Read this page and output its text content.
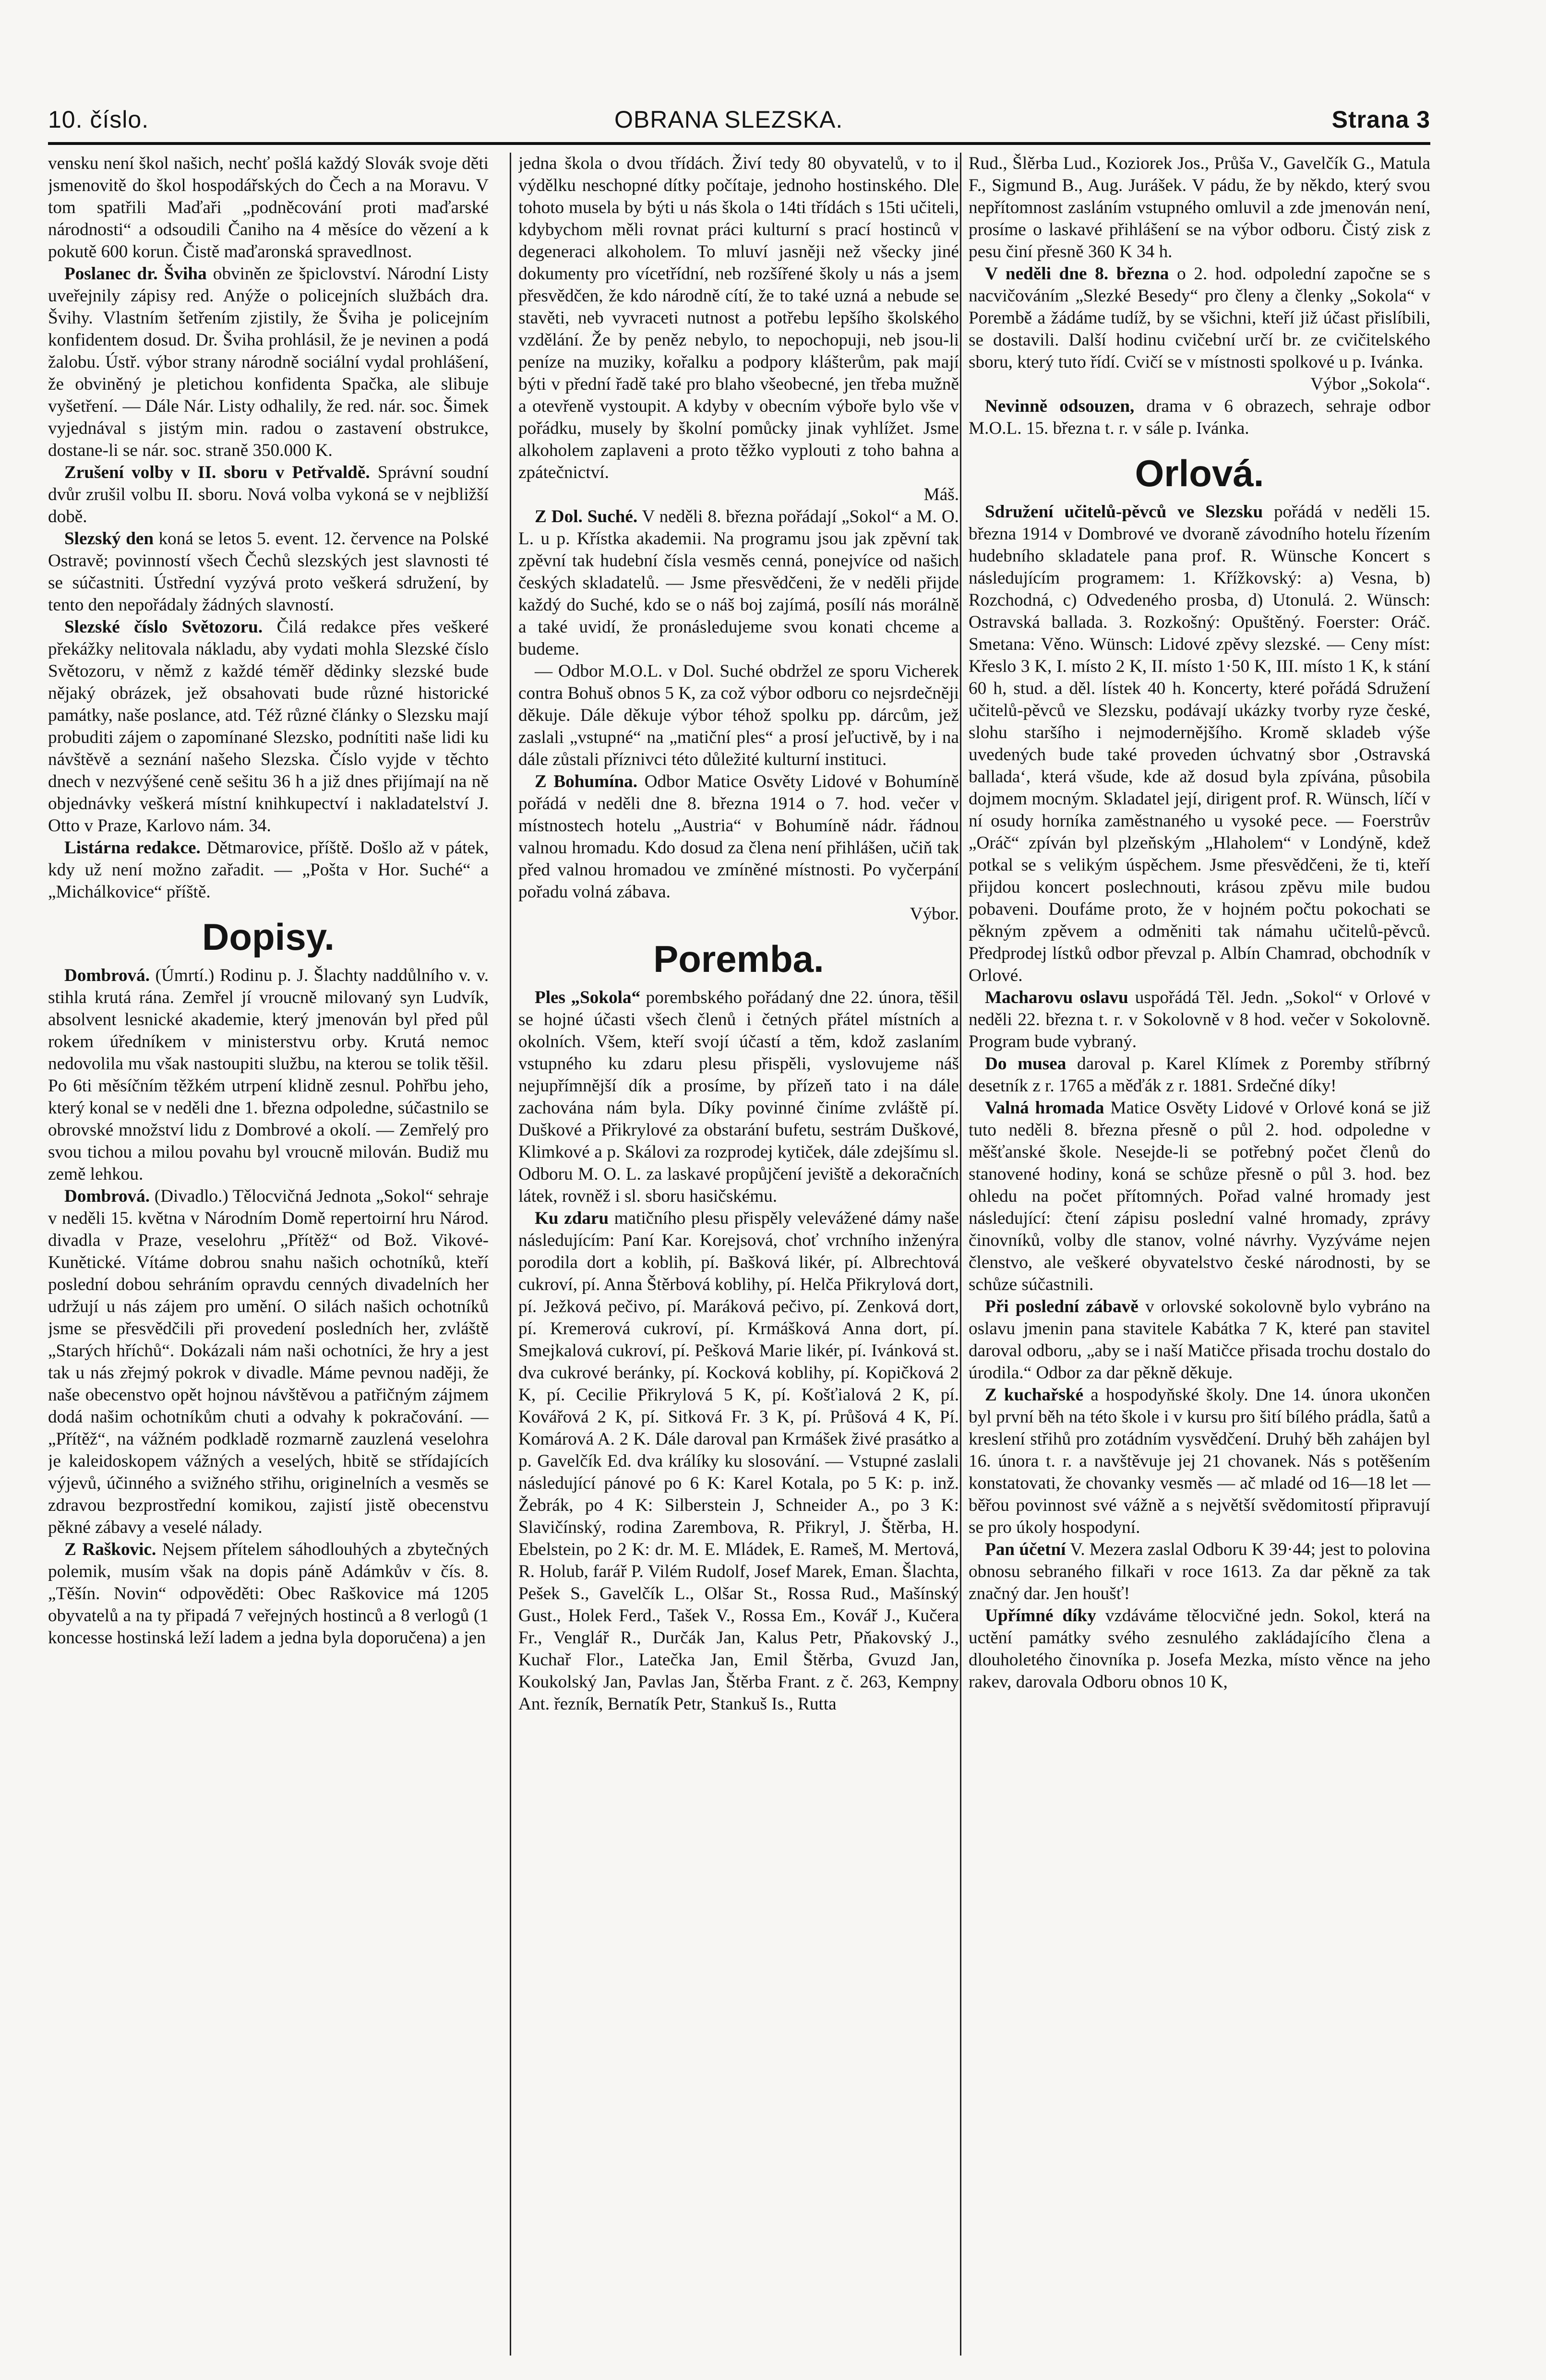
10. číslo.	OBRANA SLEZSKA.	Strana 3

vensku není škol našich, nechť pošlá každý Slovák svoje děti jsmenovitě do škol hospodářských do Čech a na Moravu. V tom spatřili Maďaři „podněcování proti maďarské národnosti“ a odsoudili Čaniho na 4 měsíce do vězení a k pokutě 600 korun. Čistě maďaronská spravedlnost.

Poslanec dr. Šviha obviněn ze špiclovství. Národní Listy uveřejnily zápisy red. Anýže o policejních službách dra. Švihy. Vlastním šetřením zjistily, že Šviha je policejním konfidentem dosud. Dr. Šviha prohlásil, že je nevinen a podá žalobu. Ústř. výbor strany národně sociální vydal prohlášení, že obviněný je pletichou konfidenta Spačka, ale slibuje vyšetření. — Dále Nár. Listy odhalily, že red. nár. soc. Šimek vyjednával s jistým min. radou o zastavení obstrukce, dostane-li se nár. soc. straně 350.000 K.

Zrušení volby v II. sboru v Petřvaldě. Správní soudní dvůr zrušil volbu II. sboru. Nová volba vykoná se v nejbližší době.

Slezský den koná se letos 5. event. 12. července na Polské Ostravě; povinností všech Čechů slezských jest slavnosti té se súčastniti. Ústřední vyzývá proto veškerá sdružení, by tento den nepořádaly žádných slavností.

Slezské číslo Světozoru. Čilá redakce přes veškeré překážky nelitovala nákladu, aby vydati mohla Slezské číslo Světozoru, v němž z každé téměř dědinky slezské bude nějaký obrázek, jež obsahovati bude různé historické památky, naše poslance, atd. Též různé články o Slezsku mají probuditi zájem o zapomínané Slezsko, podnítiti naše lidi ku návštěvě a seznání našeho Slezska. Číslo vyjde v těchto dnech v nezvýšené ceně sešitu 36 h a již dnes přijímají na ně objednávky veškerá místní knihkupectví i nakladatelství J. Otto v Praze, Karlovo nám. 34.

Listárna redakce. Dětmarovice, příště. Došlo až v pátek, kdy už není možno zařadit. — „Pošta v Hor. Suché“ a „Michálkovice“ příště.

Dopisy.

Dombrová. (Úmrtí.) Rodinu p. J. Šlachty naddůlního v. v. stihla krutá rána. Zemřel jí vroucně milovaný syn Ludvík, absolvent lesnické akademie, který jmenován byl před půl rokem úředníkem v ministerstvu orby. Krutá nemoc nedovolila mu však nastoupiti službu, na kterou se tolik těšil. Po 6ti měsíčním těžkém utrpení klidně zesnul. Pohřbu jeho, který konal se v neděli dne 1. března odpoledne, súčastnilo se obrovské množství lidu z Dombrové a okolí. — Zemřelý pro svou tichou a milou povahu byl vroucně milován. Budiž mu země lehkou.

Dombrová. (Divadlo.) Tělocvičná Jednota „Sokol“ sehraje v neděli 15. května v Národním Domě repertoirní hru Národ. divadla v Praze, veselohru „Přítěž“ od Bož. Vikové-Kunětické. Vítáme dobrou snahu našich ochotníků, kteří poslední dobou sehráním opravdu cenných divadelních her udržují u nás zájem pro umění. O silách našich ochotníků jsme se přesvědčili při provedení posledních her, zvláště „Starých hříchů“. Dokázali nám naši ochotníci, že hry a jest tak u nás zřejmý pokrok v divadle. Máme pevnou naději, že naše obecenstvo opět hojnou návštěvou a patřičným zájmem dodá našim ochotníkům chuti a odvahy k pokračování. — „Přítěž“, na vážném podkladě rozmarně zauzlená veselohra je kaleidoskopem vážných a veselých, hbitě se střídajících výjevů, účinného a svižného střihu, originelních a vesměs se zdravou bezprostřední komikou, zajistí jistě obecenstvu pěkné zábavy a veselé nálady.

Z Raškovic. Nejsem přítelem sáhodlouhých a zbytečných polemik, musím však na dopis páně Adámkův v čís. 8. „Těšín. Novin“ odpověděti: Obec Raškovice má 1205 obyvatelů a na ty připadá 7 veřejných hostinců a 8 verlogů (1 koncesse hostinská leží ladem a jedna byla doporučena) a jen

jedna škola o dvou třídách. Živí tedy 80 obyvatelů, v to i výdělku neschopné dítky počítaje, jednoho hostinského. Dle tohoto musela by býti u nás škola o 14ti třídách s 15ti učiteli, kdybychom měli rovnat práci kulturní s prací hostinců v degeneraci alkoholem. To mluví jasněji než všecky jiné dokumenty pro vícetřídní, neb rozšířené školy u nás a jsem přesvědčen, že kdo národně cítí, že to také uzná a nebude se stavěti, neb vyvraceti nutnost a potřebu lepšího školského vzdělání. Že by peněz nebylo, to nepochopuji, neb jsou-li peníze na muziky, kořalku a podpory klášterům, pak mají býti v přední řadě také pro blaho všeobecné, jen třeba mužně a otevřeně vystoupit. A kdyby v obecním výboře bylo vše v pořádku, musely by školní pomůcky jinak vyhlížet. Jsme alkoholem zaplaveni a proto těžko vyplouti z toho bahna a zpátečnictví.

Máš.

Z Dol. Suché. V neděli 8. března pořádají „Sokol“ a M. O. L. u p. Křístka akademii. Na programu jsou jak zpěvní tak zpěvní tak hudební čísla vesměs cenná, ponejvíce od našich českých skladatelů. — Jsme přesvědčeni, že v neděli přijde každý do Suché, kdo se o náš boj zajímá, posílí nás morálně a také uvidí, že pronásledujeme svou konati chceme a budeme.

— Odbor M.O.L. v Dol. Suché obdržel ze sporu Vicherek contra Bohuš obnos 5 K, za což výbor odboru co nejsrdečněji děkuje. Dále děkuje výbor téhož spolku pp. dárcům, jež zaslali „vstupné“ na „matiční ples“ a prosí jeľuctivě, by i na dále zůstali příznivci této důležité kulturní instituci.

Z Bohumína. Odbor Matice Osvěty Lidové v Bohumíně pořádá v neděli dne 8. března 1914 o 7. hod. večer v místnostech hotelu „Austria“ v Bohumíně nádr. řádnou valnou hromadu. Kdo dosud za člena není přihlášen, učiň tak před valnou hromadou ve zmíněné místnosti. Po vyčerpání pořadu volná zábava.

Výbor.
Poremba.

Ples „Sokola“ porembského pořádaný dne 22. února, těšil se hojné účasti všech členů i četných přátel místních a okolních. Všem, kteří svojí účastí a těm, kdož zaslaním vstupného ku zdaru plesu přispěli, vyslovujeme náš nejupřímnější dík a prosíme, by přízeň tato i na dále zachována nám byla. Díky povinné činíme zvláště pí. Duškové a Přikrylové za obstarání bufetu, sestrám Duškové, Klimkové a p. Skálovi za rozprodej kytiček, dále zdejšímu sl. Odboru M. O. L. za laskavé propůjčení jeviště a dekoračních látek, rovněž i sl. sboru hasičskému.

Ku zdaru matičního plesu přispěly velevážené dámy naše následujícím: Paní Kar. Korejsová, choť vrchního inženýra porodila dort a koblih, pí. Bašková likér, pí. Albrechtová cukroví, pí. Anna Štěrbová koblihy, pí. Helča Přikrylová dort, pí. Ježková pečivo, pí. Maráková pečivo, pí. Zenková dort, pí. Kremerová cukroví, pí. Krmášková Anna dort, pí. Smejkalová cukroví, pí. Pešková Marie likér, pí. Ivánková st. dva cukrové beránky, pí. Kocková koblihy, pí. Kopičková 2 K, pí. Cecilie Přikrylová 5 K, pí. Košťialová 2 K, pí. Kovářová 2 K, pí. Sitková Fr. 3 K, pí. Průšová 4 K, Pí. Komárová A. 2 K. Dále daroval pan Krmášek živé prasátko a p. Gavelčík Ed. dva králíky ku slosování. — Vstupné zaslali následující pánové po 6 K: Karel Kotala, po 5 K: p. inž. Žebrák, po 4 K: Silberstein J, Schneider A., po 3 K: Slavičínský, rodina Zarembova, R. Přikryl, J. Štěrba, H. Ebelstein, po 2 K: dr. M. E. Mládek, E. Rameš, M. Mertová, R. Holub, farář P. Vilém Rudolf, Josef Marek, Eman. Šlachta, Pešek S., Gavelčík L., Olšar St., Rossa Rud., Mašínský Gust., Holek Ferd., Tašek V., Rossa Em., Kovář J., Kučera Fr., Venglář R., Durčák Jan, Kalus Petr, Pňakovský J., Kuchař Flor., Latečka Jan, Emil Štěrba, Gvuzd Jan, Koukolský Jan, Pavlas Jan, Štěrba Frant. z č. 263, Kempny Ant. řezník, Bernatík Petr, Stankuš Is., Rutta

Rud., Šlěrba Lud., Koziorek Jos., Průša V., Gavelčík G., Matula F., Sigmund B., Aug. Jurášek. V pádu, že by někdo, který svou nepřítomnost zasláním vstupného omluvil a zde jmenován není, prosíme o laskavé přihlášení se na výbor odboru. Čistý zisk z pesu činí přesně 360 K 34 h.

V neděli dne 8. března o 2. hod. odpolední započne se s nacvičováním „Slezké Besedy“ pro členy a členky „Sokola“ v Porembě a žádáme tudíž, by se všichni, kteří již účast přislíbili, se dostavili. Další hodinu cvičební určí br. ze cvičitelského sboru, který tuto řídí. Cvičí se v místnosti spolkové u p. Ivánka.

Výbor „Sokola“.

Nevinně odsouzen, drama v 6 obrazech, sehraje odbor M.O.L. 15. března t. r. v sále p. Ivánka.

Orlová.

Sdružení učitelů-pěvců ve Slezsku pořádá v neděli 15. března 1914 v Dombrové ve dvoraně závodního hotelu řízením hudebního skladatele pana prof. R. Wünsche Koncert s následujícím programem: 1. Křížkovský: a) Vesna, b) Rozchodná, c) Odvedeného prosba, d) Utonulá. 2. Wünsch: Ostravská ballada. 3. Rozkošný: Opuštěný. Foerster: Oráč. Smetana: Věno. Wünsch: Lidové zpěvy slezské. — Ceny míst: Křeslo 3 K, I. místo 2 K, II. místo 1·50 K, III. místo 1 K, k stání 60 h, stud. a děl. lístek 40 h. Koncerty, které pořádá Sdružení učitelů-pěvců ve Slezsku, podávají ukázky tvorby ryze české, slohu staršího i nejmodernějšího. Kromě skladeb výše uvedených bude také proveden úchvatný sbor ‚Ostravská ballada‘, která všude, kde až dosud byla zpívána, působila dojmem mocným. Skladatel její, dirigent prof. R. Wünsch, líčí v ní osudy horníka zaměstnaného u vysoké pece. — Foerstrův „Oráč“ zpíván byl plzeňským „Hlaholem“ v Londýně, kdež potkal se s velikým úspěchem. Jsme přesvědčeni, že ti, kteří přijdou koncert poslechnouti, krásou zpěvu mile budou pobaveni. Doufáme proto, že v hojném počtu pokochati se pěkným zpěvem a odměniti tak námahu učitelů-pěvců. Předprodej lístků odbor převzal p. Albín Chamrad, obchodník v Orlové.

Macharovu oslavu uspořádá Těl. Jedn. „Sokol“ v Orlové v neděli 22. března t. r. v Sokolovně v 8 hod. večer v Sokolovně. Program bude vybraný.

Do musea daroval p. Karel Klímek z Poremby stříbrný desetník z r. 1765 a měďák z r. 1881. Srdečné díky!

Valná hromada Matice Osvěty Lidové v Orlové koná se již tuto neděli 8. března přesně o půl 2. hod. odpoledne v měšťanské škole. Nesejde-li se potřebný počet členů do stanovené hodiny, koná se schůze přesně o půl 3. hod. bez ohledu na počet přítomných. Pořad valné hromady jest následující: čtení zápisu poslední valné hromady, zprávy činovníků, volby dle stanov, volné návrhy. Vyzýváme nejen členstvo, ale veškeré obyvatelstvo české národnosti, by se schůze súčastnili.

Při poslední zábavě v orlovské sokolovně bylo vybráno na oslavu jmenin pana stavitele Kabátka 7 K, které pan stavitel daroval odboru, „aby se i naší Matičce přisada trochu dostalo do úrodila.“ Odbor za dar pěkně děkuje.

Z kuchařské a hospodyňské školy. Dne 14. února ukončen byl první běh na této škole i v kursu pro šití bílého prádla, šatů a kreslení střihů pro zotádním vysvědčení. Druhý běh zahájen byl 16. února t. r. a navštěvuje jej 21 chovanek. Nás s potěšením konstatovati, že chovanky vesměs — ač mladé od 16—18 let — běřou povinnost své vážně a s největší svědomitostí připravují se pro úkoly hospodyní.

Pan účetní V. Mezera zaslal Odboru K 39·44; jest to polovina obnosu sebraného filkaři v roce 1613. Za dar pěkně za tak značný dar. Jen houšť!

Upřímné díky vzdáváme tělocvičné jedn. Sokol, která na uctění památky svého zesnulého zakládajícího člena a dlouholetého činovníka p. Josefa Mezka, místo věnce na jeho rakev, darovala Odboru obnos 10 K,
